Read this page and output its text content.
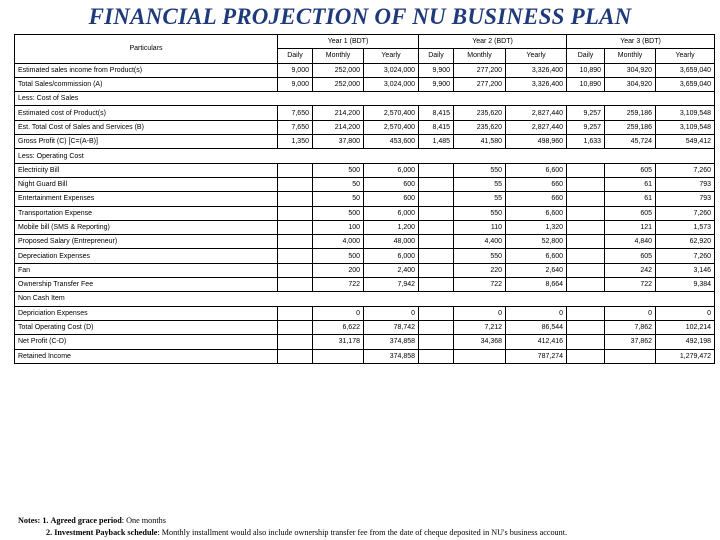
FINANCIAL PROJECTION OF NU BUSINESS PLAN
Particulars	Year 1 (BDT)			Year 2 (BDT)			Year 3 (BDT)		
	Daily	Monthly	Yearly	Daily	Monthly	Yearly	Daily	Monthly	Yearly
Estimated sales income from Product(s)	9,000	252,000	3,024,000	9,900	277,200	3,326,400	10,890	304,920	3,659,040
Total Sales/commission (A)	9,000	252,000	3,024,000	9,900	277,200	3,326,400	10,890	304,920	3,659,040
Less: Cost of Sales									
Estimated cost of Product(s)	7,650	214,200	2,570,400	8,415	235,620	2,827,440	9,257	259,186	3,109,548
Est. Total Cost of Sales and Services (B)	7,650	214,200	2,570,400	8,415	235,620	2,827,440	9,257	259,186	3,109,548
Gross Profit (C) [C=(A-B)]	1,350	37,800	453,600	1,485	41,580	498,960	1,633	45,724	549,412
Less: Operating Cost									
Electricity Bill		500	6,000		550	6,600		605	7,260
Night Guard Bill		50	600		55	660		61	793
Entertainment Expenses		50	600		55	660		61	793
Transportation Expense		500	6,000		550	6,600		605	7,260
Mobile bill (SMS & Reporting)		100	1,200		110	1,320		121	1,573
Proposed Salary (Entrepreneur)		4,000	48,000		4,400	52,800		4,840	62,920
Depreciation Expenses		500	6,000		550	6,600		605	7,260
Fan		200	2,400		220	2,640		242	3,146
Ownership Transfer Fee		722	7,942		722	8,664		722	9,384
Non Cash Item									
Depriciation Expenses		0	0		0	0		0	0
Total Operating Cost (D)		6,622	78,742		7,212	86,544		7,862	102,214
Net Profit (C-D)		31,178	374,858		34,368	412,416		37,862	492,198
Retained Income			374,858			787,274			1,279,472
Notes: 1. Agreed grace period: One months
2. Investment Payback schedule: Monthly installment would also include ownership transfer fee from the date of cheque deposited in NU's business account.
